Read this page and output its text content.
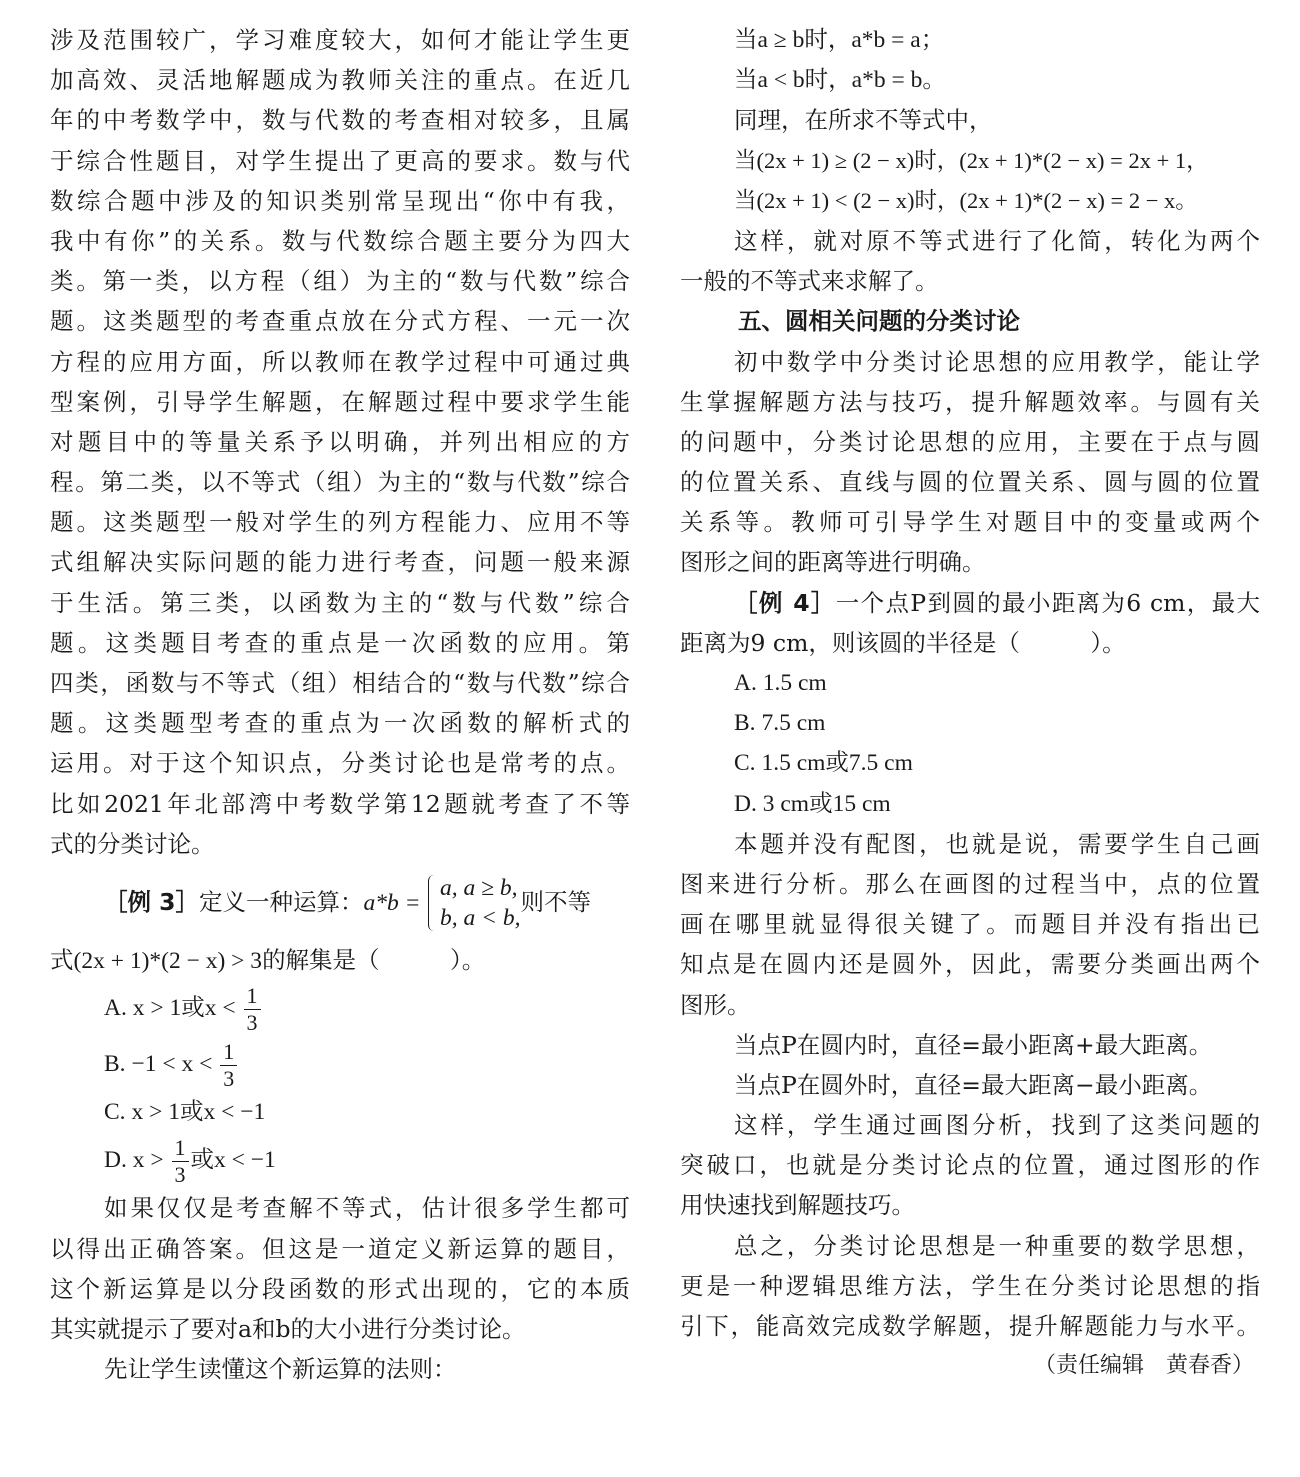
涉及范围较广，学习难度较大，如何才能让学生更
加高效、灵活地解题成为教师关注的重点。在近几
年的中考数学中，数与代数的考查相对较多，且属
于综合性题目，对学生提出了更高的要求。数与代
数综合题中涉及的知识类别常呈现出“你中有我，
我中有你”的关系。数与代数综合题主要分为四大
类。第一类，以方程（组）为主的“数与代数”综合
题。这类题型的考查重点放在分式方程、一元一次
方程的应用方面，所以教师在教学过程中可通过典
型案例，引导学生解题，在解题过程中要求学生能
对题目中的等量关系予以明确，并列出相应的方
程。第二类，以不等式（组）为主的“数与代数”综合
题。这类题型一般对学生的列方程能力、应用不等
式组解决实际问题的能力进行考查，问题一般来源
于生活。第三类，以函数为主的“数与代数”综合
题。这类题目考查的重点是一次函数的应用。第
四类，函数与不等式（组）相结合的“数与代数”综合
题。这类题型考查的重点为一次函数的解析式的
运用。对于这个知识点，分类讨论也是常考的点。
比如2021年北部湾中考数学第12题就考查了不等
式的分类讨论。
［例 3］定义一种运算：a*b =
a, a ≥ b,
b, a < b,
则不等
式(2x + 1)*(2 − x) > 3的解集是（　　　）。
A. x > 1或$x < \frac{1}{3}$
B. $-1 < x < \frac{1}{3}$
C. x > 1或x < −1
D. $x > \frac{1}{3}$ 或x < −1
如果仅仅是考查解不等式，估计很多学生都可
以得出正确答案。但这是一道定义新运算的题目，
这个新运算是以分段函数的形式出现的，它的本质
其实就提示了要对a和b的大小进行分类讨论。
先让学生读懂这个新运算的法则：
当a ≥ b时，a*b = a；
当a < b时，a*b = b。
同理，在所求不等式中，
当(2x + 1) ≥ (2 − x)时，(2x + 1)*(2 − x) = 2x + 1，
当(2x + 1) < (2 − x)时，(2x + 1)*(2 − x) = 2 − x。
这样，就对原不等式进行了化简，转化为两个
一般的不等式来求解了。
五、圆相关问题的分类讨论
初中数学中分类讨论思想的应用教学，能让学
生掌握解题方法与技巧，提升解题效率。与圆有关
的问题中，分类讨论思想的应用，主要在于点与圆
的位置关系、直线与圆的位置关系、圆与圆的位置
关系等。教师可引导学生对题目中的变量或两个
图形之间的距离等进行明确。
［例 4］一个点P到圆的最小距离为6 cm，最大
距离为9 cm，则该圆的半径是（　　　）。
A. 1.5 cm
B. 7.5 cm
C. 1.5 cm或7.5 cm
D. 3 cm或15 cm
本题并没有配图，也就是说，需要学生自己画
图来进行分析。那么在画图的过程当中，点的位置
画在哪里就显得很关键了。而题目并没有指出已
知点是在圆内还是圆外，因此，需要分类画出两个
图形。
当点P在圆内时，直径=最小距离+最大距离。
当点P在圆外时，直径=最大距离−最小距离。
这样，学生通过画图分析，找到了这类问题的
突破口，也就是分类讨论点的位置，通过图形的作
用快速找到解题技巧。
总之，分类讨论思想是一种重要的数学思想，
更是一种逻辑思维方法，学生在分类讨论思想的指
引下，能高效完成数学解题，提升解题能力与水平。
（责任编辑　黄春香）
